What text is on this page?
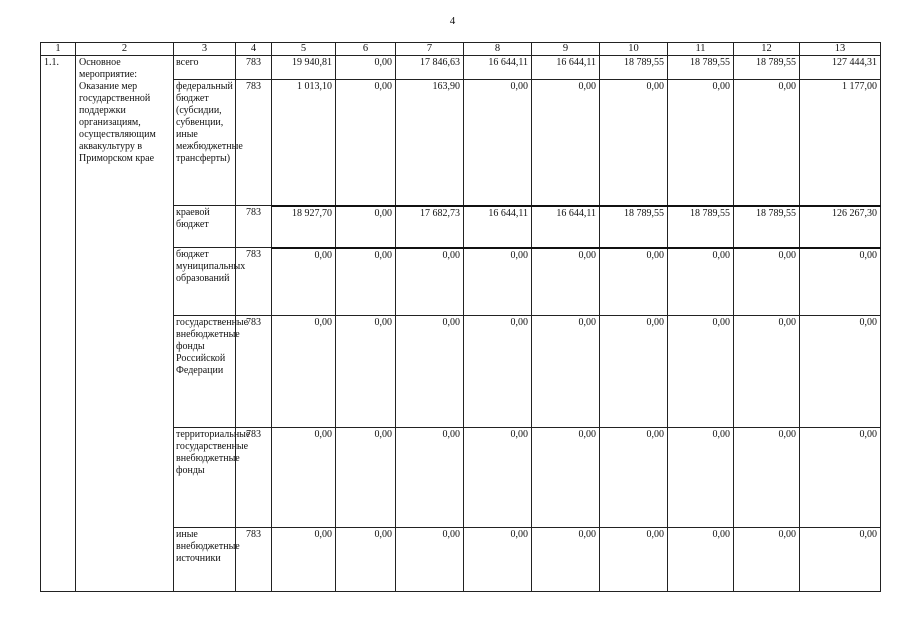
4
1	2	3	4	5	6	7	8	9	10	11	12	13
1.1.	Основное мероприятие: Оказание мер государственной поддержки организациям, осуществляющим аквакультуру в Приморском крае	всего	783	19 940,81	0,00	17 846,63	16 644,11	16 644,11	18 789,55	18 789,55	18 789,55	127 444,31
		федеральный бюджет (субсидии, субвенции, иные межбюджетные трансферты)	783	1 013,10	0,00	163,90	0,00	0,00	0,00	0,00	0,00	1 177,00
		краевой бюджет	783	18 927,70	0,00	17 682,73	16 644,11	16 644,11	18 789,55	18 789,55	18 789,55	126 267,30
		бюджет муниципальных образований	783	0,00	0,00	0,00	0,00	0,00	0,00	0,00	0,00	0,00
		государственные внебюджетные фонды Российской Федерации	783	0,00	0,00	0,00	0,00	0,00	0,00	0,00	0,00	0,00
		территориальные государственные внебюджетные фонды	783	0,00	0,00	0,00	0,00	0,00	0,00	0,00	0,00	0,00
		иные внебюджетные источники	783	0,00	0,00	0,00	0,00	0,00	0,00	0,00	0,00	0,00
